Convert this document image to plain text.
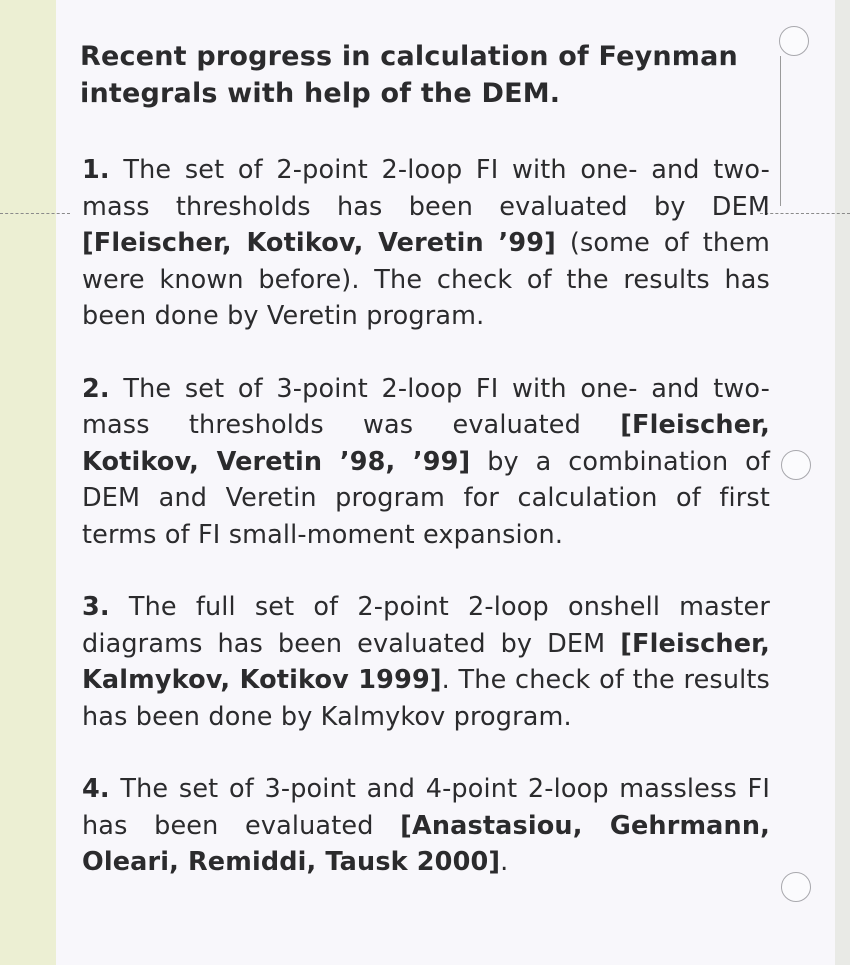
Recent progress in calculation of Feynman integrals with help of the DEM.
1. The set of 2-point 2-loop FI with one- and two-mass thresholds has been evaluated by DEM [Fleischer, Kotikov, Veretin ’99] (some of them were known before). The check of the results has been done by Veretin program.
2. The set of 3-point 2-loop FI with one- and two-mass thresholds was evaluated [Fleischer, Kotikov, Veretin ’98, ’99] by a combination of DEM and Veretin program for calculation of first terms of FI small-moment expansion.
3. The full set of 2-point 2-loop onshell master diagrams has been evaluated by DEM [Fleischer, Kalmykov, Kotikov 1999]. The check of the results has been done by Kalmykov program.
4. The set of 3-point and 4-point 2-loop massless FI has been evaluated [Anastasiou, Gehrmann, Oleari, Remiddi, Tausk 2000].
